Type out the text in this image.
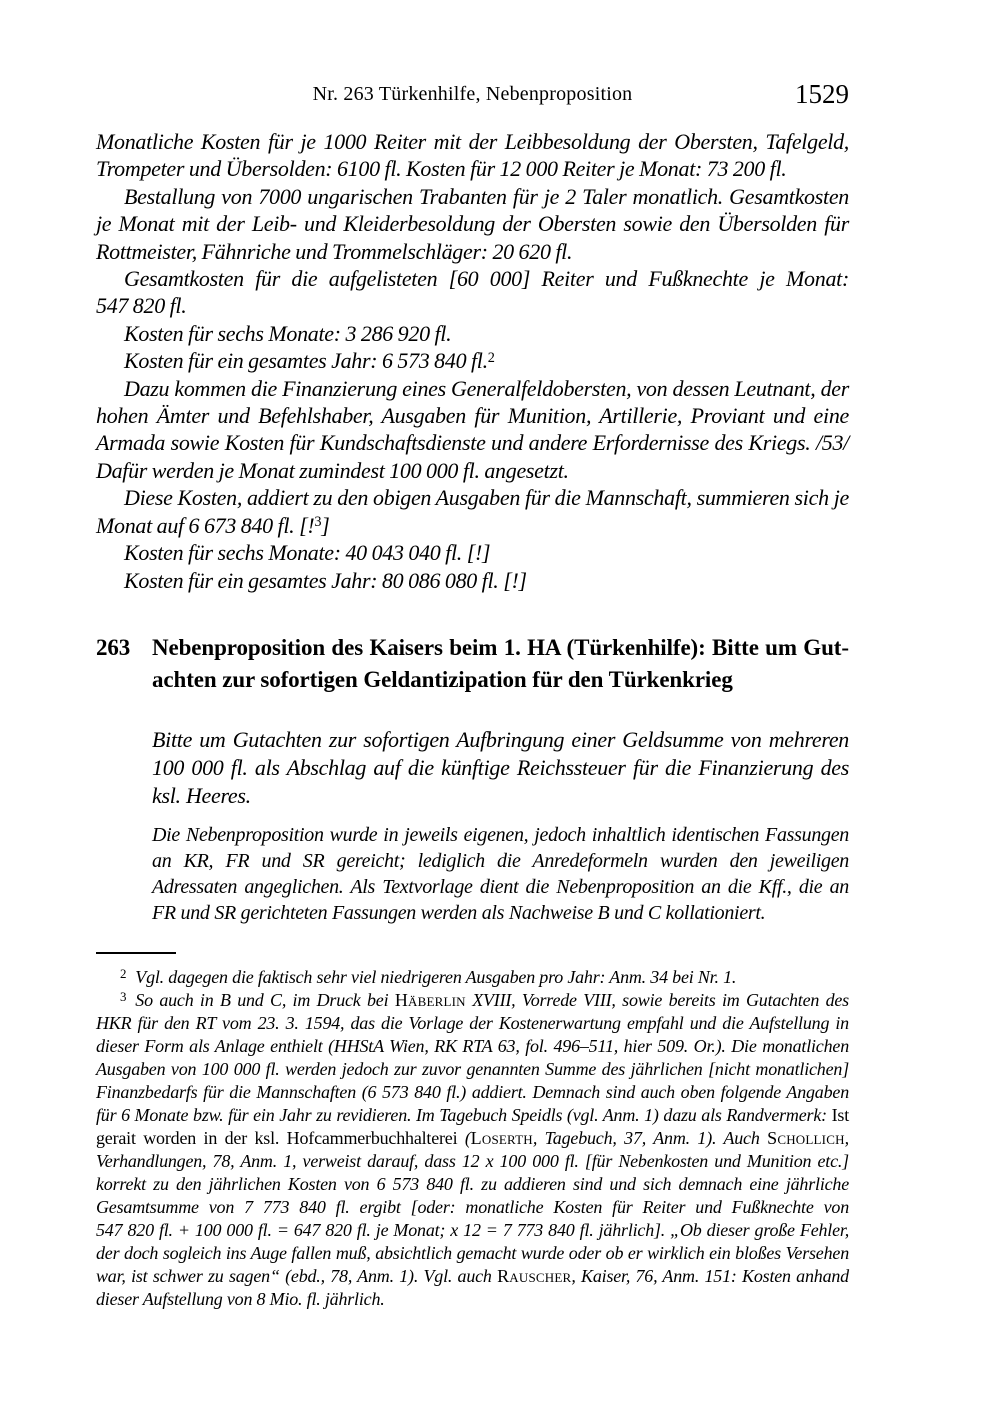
Nr. 263 Türkenhilfe, Nebenproposition	1529

Monatliche Kosten für je 1000 Reiter mit der Leibbesoldung der Obersten, Tafelgeld, Trompeter und Übersolden: 6100 fl. Kosten für 12 000 Reiter je Monat: 73 200 fl.

Bestallung von 7000 ungarischen Trabanten für je 2 Taler monatlich. Gesamtkosten je Monat mit der Leib- und Kleiderbesoldung der Obersten sowie den Übersolden für Rottmeister, Fähnriche und Trommelschläger: 20 620 fl.

Gesamtkosten für die aufgelisteten [60 000] Reiter und Fußknechte je Monat: 547 820 fl.

Kosten für sechs Monate: 3 286 920 fl.

Kosten für ein gesamtes Jahr: 6 573 840 fl.$^2$

Dazu kommen die Finanzierung eines Generalfeldobersten, von dessen Leutnant, der hohen Ämter und Befehlshaber, Ausgaben für Munition, Artillerie, Proviant und eine Armada sowie Kosten für Kundschaftsdienste und andere Erfordernisse des Kriegs. /53/ Dafür werden je Monat zumindest 100 000 fl. angesetzt.

Diese Kosten, addiert zu den obigen Ausgaben für die Mannschaft, summieren sich je Monat auf 6 673 840 fl. [!$^3$]

Kosten für sechs Monate: 40 043 040 fl. [!]

Kosten für ein gesamtes Jahr: 80 086 080 fl. [!]

263 Nebenproposition des Kaisers beim 1. HA (Türkenhilfe): Bitte um Gutachten zur sofortigen Geldantizipation für den Türkenkrieg

Bitte um Gutachten zur sofortigen Aufbringung einer Geldsumme von mehreren 100 000 fl. als Abschlag auf die künftige Reichssteuer für die Finanzierung des ksl. Heeres.

Die Nebenproposition wurde in jeweils eigenen, jedoch inhaltlich identischen Fassungen an KR, FR und SR gereicht; lediglich die Anredeformeln wurden den jeweiligen Adressaten angeglichen. Als Textvorlage dient die Nebenproposition an die Kff., die an FR und SR gerichteten Fassungen werden als Nachweise B und C kollationiert.

$^2$ Vgl. dagegen die faktisch sehr viel niedrigeren Ausgaben pro Jahr: Anm. 34 bei Nr. 1.

$^3$ So auch in B und C, im Druck bei Häberlin XVIII, Vorrede VIII, sowie bereits im Gutachten des HKR für den RT vom 23. 3. 1594, das die Vorlage der Kostenerwartung empfahl und die Aufstellung in dieser Form als Anlage enthielt (HHStA Wien, RK RTA 63, fol. 496–511, hier 509. Or.). Die monatlichen Ausgaben von 100 000 fl. werden jedoch zur zuvor genannten Summe des jährlichen [nicht monatlichen] Finanzbedarfs für die Mannschaften (6 573 840 fl.) addiert. Demnach sind auch oben folgende Angaben für 6 Monate bzw. für ein Jahr zu revidieren. Im Tagebuch Speidls (vgl. Anm. 1) dazu als Randvermerk: Ist gerait worden in der ksl. Hofcammerbuchhalterei (Loserth, Tagebuch, 37, Anm. 1). Auch Schollich, Verhandlungen, 78, Anm. 1, verweist darauf, dass 12 x 100 000 fl. [für Nebenkosten und Munition etc.] korrekt zu den jährlichen Kosten von 6 573 840 fl. zu addieren sind und sich demnach eine jährliche Gesamtsumme von 7 773 840 fl. ergibt [oder: monatliche Kosten für Reiter und Fußknechte von 547 820 fl. + 100 000 fl. = 647 820 fl. je Monat; x 12 = 7 773 840 fl. jährlich]. „Ob dieser große Fehler, der doch sogleich ins Auge fallen muß, absichtlich gemacht wurde oder ob er wirklich ein bloßes Versehen war, ist schwer zu sagen“ (ebd., 78, Anm. 1). Vgl. auch Rauscher, Kaiser, 76, Anm. 151: Kosten anhand dieser Aufstellung von 8 Mio. fl. jährlich.
